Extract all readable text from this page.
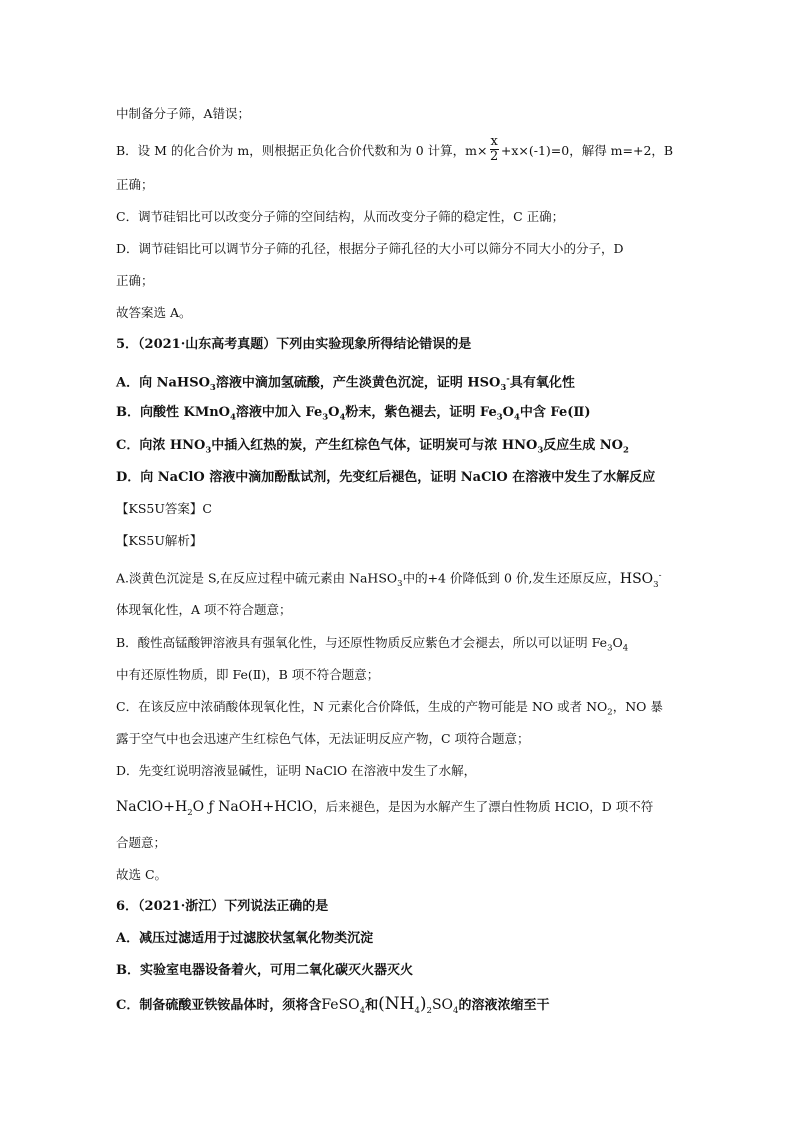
中制备分子筛，A错误；
B．设 M 的化合价为 m，则根据正负化合价代数和为 0 计算，$m\times \frac{x}{2} +x\times(-1)=0$，解得 m=+2，B
正确；
C．调节硅铝比可以改变分子筛的空间结构，从而改变分子筛的稳定性，C 正确；
D．调节硅铝比可以调节分子筛的孔径，根据分子筛孔径的大小可以筛分不同大小的分子，D
正确；
故答案选 A。
5．（2021·山东高考真题）下列由实验现象所得结论错误的是
A．向 NaHSO$_3$溶液中滴加氢硫酸，产生淡黄色沉淀，证明 $HSO_3^-$具有氧化性
B．向酸性 KMnO$_4$溶液中加入 $Fe_3O_4$粉末，紫色褪去，证明 $Fe_3O_4$中含 Fe(Ⅱ)
C．向浓 $HNO_3$中插入红热的炭，产生红棕色气体，证明炭可与浓 $HNO_3$反应生成 $NO_2$
D．向 NaClO 溶液中滴加酚酞试剂，先变红后褪色，证明 NaClO 在溶液中发生了水解反应
【KS5U答案】C
【KS5U解析】
A.淡黄色沉淀是 S,在反应过程中硫元素由 NaHSO$_3$中的+4 价降低到 0 价,发生还原反应，$HSO_3^-$
体现氧化性，A 项不符合题意；
B．酸性高锰酸钾溶液具有强氧化性，与还原性物质反应紫色才会褪去，所以可以证明 $Fe_3O_4$
中有还原性物质，即 Fe(Ⅱ)，B 项不符合题意；
C．在该反应中浓硝酸体现氧化性，N 元素化合价降低，生成的产物可能是 NO 或者 $NO_2$，NO 暴
露于空气中也会迅速产生红棕色气体，无法证明反应产物，C 项符合题意；
D．先变红说明溶液显碱性，证明 NaClO 在溶液中发生了水解，
$NaClO+H_2O$ ƒ NaOH+HClO，后来褪色，是因为水解产生了漂白性物质 HClO，D 项不符
合题意；
故选 C。
6．（2021·浙江）下列说法正确的是
A．减压过滤适用于过滤胶状氢氧化物类沉淀
B．实验室电器设备着火，可用二氧化碳灭火器灭火
C．制备硫酸亚铁铵晶体时，须将含FeSO$_4$和$(NH_4)_2SO_4$的溶液浓缩至干
